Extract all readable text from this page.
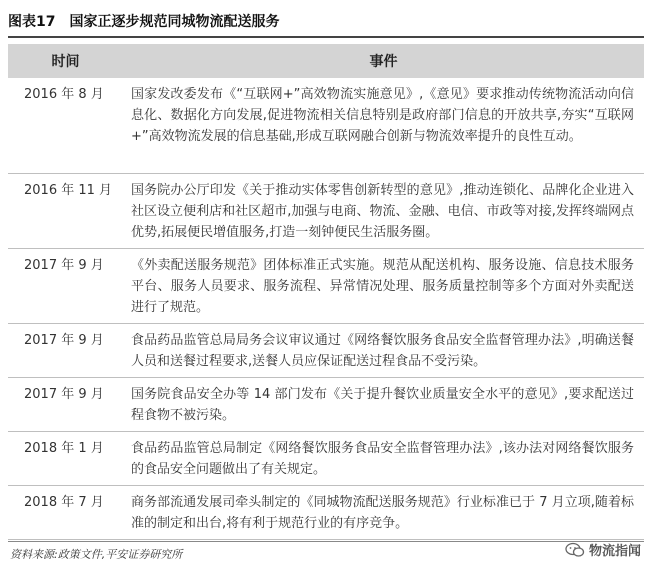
图表17 国家正逐步规范同城物流配送服务
时间	事件
2016 年 8 月	国家发改委发布《“互联网+”高效物流实施意见》,《意见》要求推动传统物流活动向信息化、数据化方向发展,促进物流相关信息特别是政府部门信息的开放共享,夯实“互联网+”高效物流发展的信息基础,形成互联网融合创新与物流效率提升的良性互动。
2016 年 11 月	国务院办公厅印发《关于推动实体零售创新转型的意见》,推动连锁化、品牌化企业进入社区设立便利店和社区超市,加强与电商、物流、金融、电信、市政等对接,发挥终端网点优势,拓展便民增值服务,打造一刻钟便民生活服务圈。
2017 年 9 月	《外卖配送服务规范》团体标准正式实施。规范从配送机构、服务设施、信息技术服务平台、服务人员要求、服务流程、异常情况处理、服务质量控制等多个方面对外卖配送进行了规范。
2017 年 9 月	食品药品监管总局局务会议审议通过《网络餐饮服务食品安全监督管理办法》,明确送餐人员和送餐过程要求,送餐人员应保证配送过程食品不受污染。
2017 年 9 月	国务院食品安全办等 14 部门发布《关于提升餐饮业质量安全水平的意见》,要求配送过程食物不被污染。
2018 年 1 月	食品药品监管总局制定《网络餐饮服务食品安全监督管理办法》,该办法对网络餐饮服务的食品安全问题做出了有关规定。
2018 年 7 月	商务部流通发展司牵头制定的《同城物流配送服务规范》行业标准已于 7 月立项,随着标准的制定和出台,将有利于规范行业的有序竞争。
资料来源:政策文件,平安证券研究所	物流指闻
